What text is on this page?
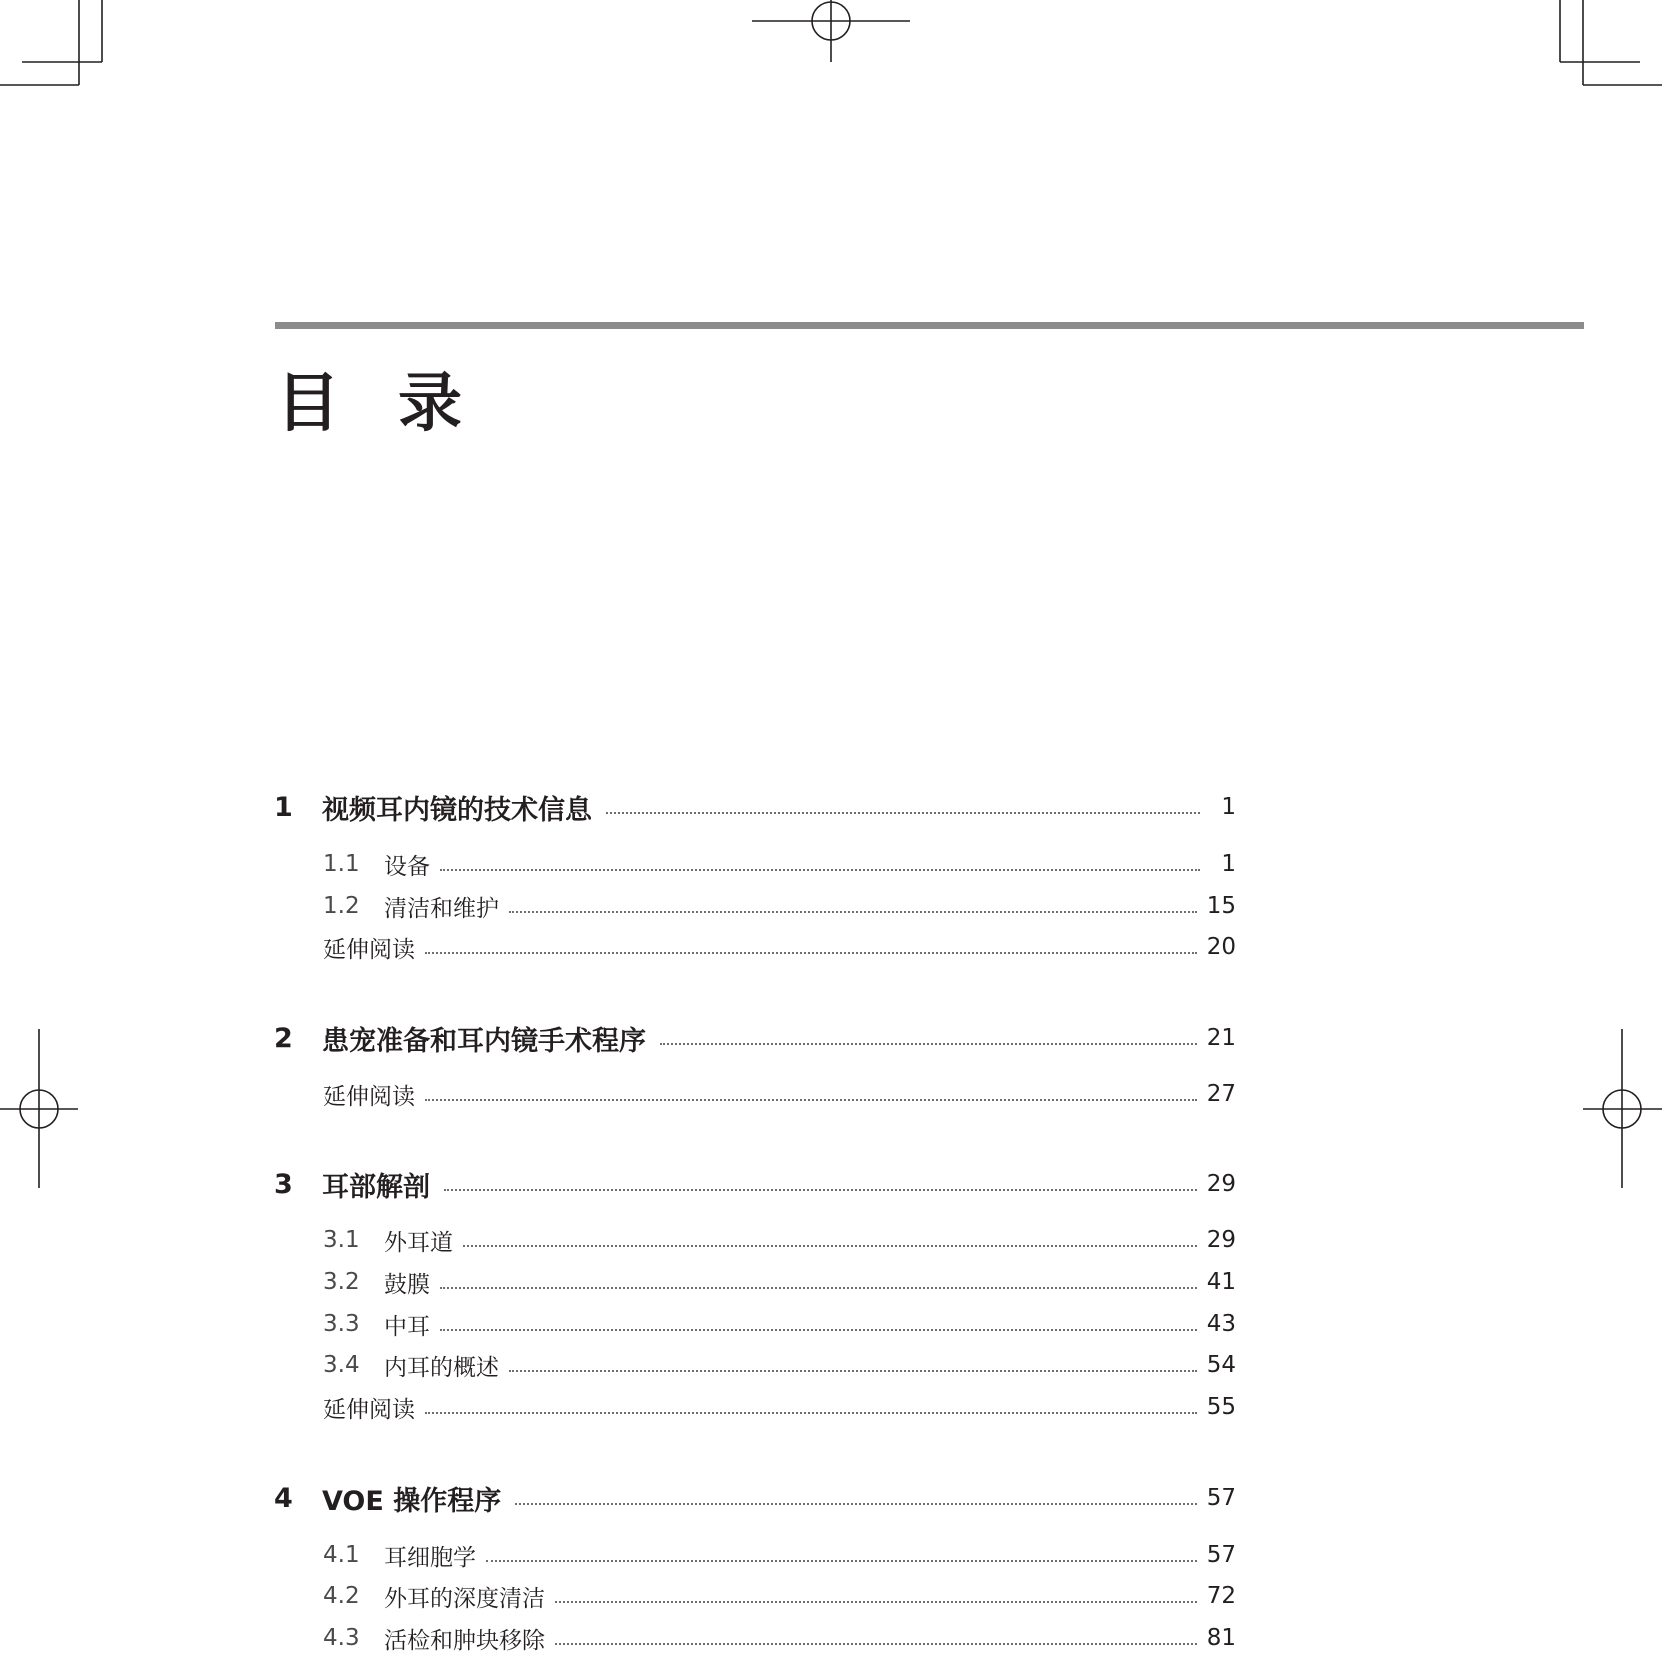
目录
1	视频耳内镜的技术信息	1
1.1	设备	1
1.2	清洁和维护	15
延伸阅读	20
2	患宠准备和耳内镜手术程序	21
延伸阅读	27
3	耳部解剖	29
3.1	外耳道	29
3.2	鼓膜	41
3.3	中耳	43
3.4	内耳的概述	54
延伸阅读	55
4	VOE 操作程序	57
4.1	耳细胞学	57
4.2	外耳的深度清洁	72
4.3	活检和肿块移除	81
